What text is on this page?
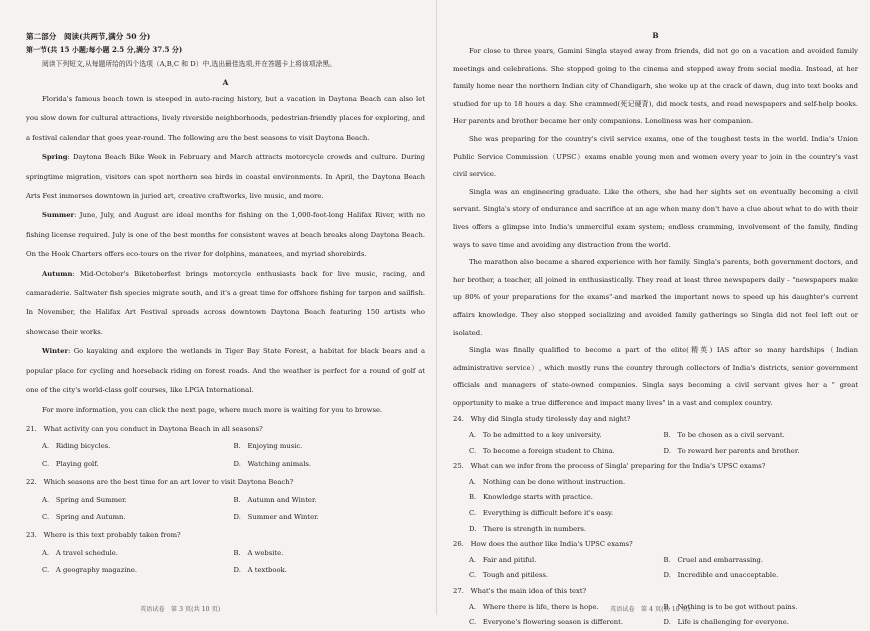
第二部分　阅读(共两节,满分 50 分)
第一节(共 15 小题;每小题 2.5 分,满分 37.5 分)

阅读下列短文,从每题所给的四个选项（A,B,C 和 D）中,选出最佳选项,并在答题卡上将该项涂黑。

A

Florida's famous beach town is steeped in auto-racing history, but a vacation in Daytona Beach can also let you slow down for cultural attractions, lively riverside neighborhoods, pedestrian-friendly places for exploring, and a festival calendar that goes year-round. The following are the best seasons to visit Daytona Beach.

Spring: Daytona Beach Bike Week in February and March attracts motorcycle crowds and culture. During springtime migration, visitors can spot northern sea birds in coastal environments. In April, the Daytona Beach Arts Fest immerses downtown in juried art, creative craftworks, live music, and more.

Summer: June, July, and August are ideal months for fishing on the 1,000-foot-long Halifax River, with no fishing license required. July is one of the best months for consistent waves at beach breaks along Daytona Beach. On the Hook Charters offers eco-tours on the river for dolphins, manatees, and myriad shorebirds.

Autumn: Mid-October's Biketoberfest brings motorcycle enthusiasts back for live music, racing, and camaraderie. Saltwater fish species migrate south, and it's a great time for offshore fishing for tarpon and sailfish. In November, the Halifax Art Festival spreads across downtown Daytona Beach featuring 150 artists who showcase their works.

Winter: Go kayaking and explore the wetlands in Tiger Bay State Forest, a habitat for black bears and a popular place for cycling and horseback riding on forest roads. And the weather is perfect for a round of golf at one of the city's world-class golf courses, like LPGA International.

For more information, you can click the next page, where much more is waiting for you to browse.

21.　What activity can you conduct in Daytona Beach in all seasons?

A.　Riding bicycles.	B.　Enjoying music.
C.　Playing golf.	D.　Watching animals.

22.　Which seasons are the best time for an art lover to visit Daytona Beach?

A.　Spring and Summer.	B.　Autumn and Winter.
C.　Spring and Autumn.	D.　Summer and Winter.

23.　Where is this text probably taken from?

A.　A travel schedule.	B.　A website.
C.　A geography magazine.	D.　A textbook.
B

For close to three years, Gamini Singla stayed away from friends, did not go on a vacation and avoided family meetings and celebrations. She stopped going to the cinema and stepped away from social media. Instead, at her family home near the northern Indian city of Chandigarh, she woke up at the crack of dawn, dug into text books and studied for up to 18 hours a day. She crammed(死记硬背), did mock tests, and read newspapers and self-help books. Her parents and brother became her only companions. Loneliness was her companion.

She was preparing for the country's civil service exams, one of the toughest tests in the world. India's Union Public Service Commission（UPSC）exams enable young men and women every year to join in the country's vast civil service.

Singla was an engineering graduate. Like the others, she had her sights set on eventually becoming a civil servant. Singla's story of endurance and sacrifice at an age when many don't have a clue about what to do with their lives offers a glimpse into India's unmerciful exam system; endless cramming, involvement of the family, finding ways to save time and avoiding any distraction from the world.

The marathon also became a shared experience with her family. Singla's parents, both government doctors, and her brother, a teacher, all joined in enthusiastically. They read at least three newspapers daily - "newspapers make up 80% of your preparations for the exams"-and marked the important news to speed up his daughter's current affairs knowledge. They also stopped socializing and avoided family gatherings so Singla did not feel left out or isolated.

Singla was finally qualified to become a part of the elite(精英) IAS after so many hardships（Indian administrative service）, which mostly runs the country through collectors of India's districts, senior government officials and managers of state-owned companies. Singla says becoming a civil servant gives her a " great opportunity to make a true difference and impact many lives" in a vast and complex country.

24.　Why did Singla study tirelessly day and night?

A.　To be admitted to a key university.	B.　To be chosen as a civil servant.
C.　To become a foreign student to China.	D.　To reward her parents and brother.

25.　What can we infer from the process of Singla' preparing for the India's UPSC exams?

A.　Nothing can be done without instruction.
B.　Knowledge starts with practice.
C.　Everything is difficult before it's easy.
D.　There is strength in numbers.

26.　How does the author like India's UPSC exams?

A.　Fair and pitiful.	B.　Cruel and embarrassing.
C.　Tough and pitiless.	D.　Incredible and unacceptable.

27.　What's the main idea of this text?

A.　Where there is life, there is hope.	B.　Nothing is to be got without pains.
C.　Everyone's flowering season is different.	D.　Life is challenging for everyone.
英语试卷　第 3 页(共 10 页)	英语试卷　第 4 页(共 10 页)
